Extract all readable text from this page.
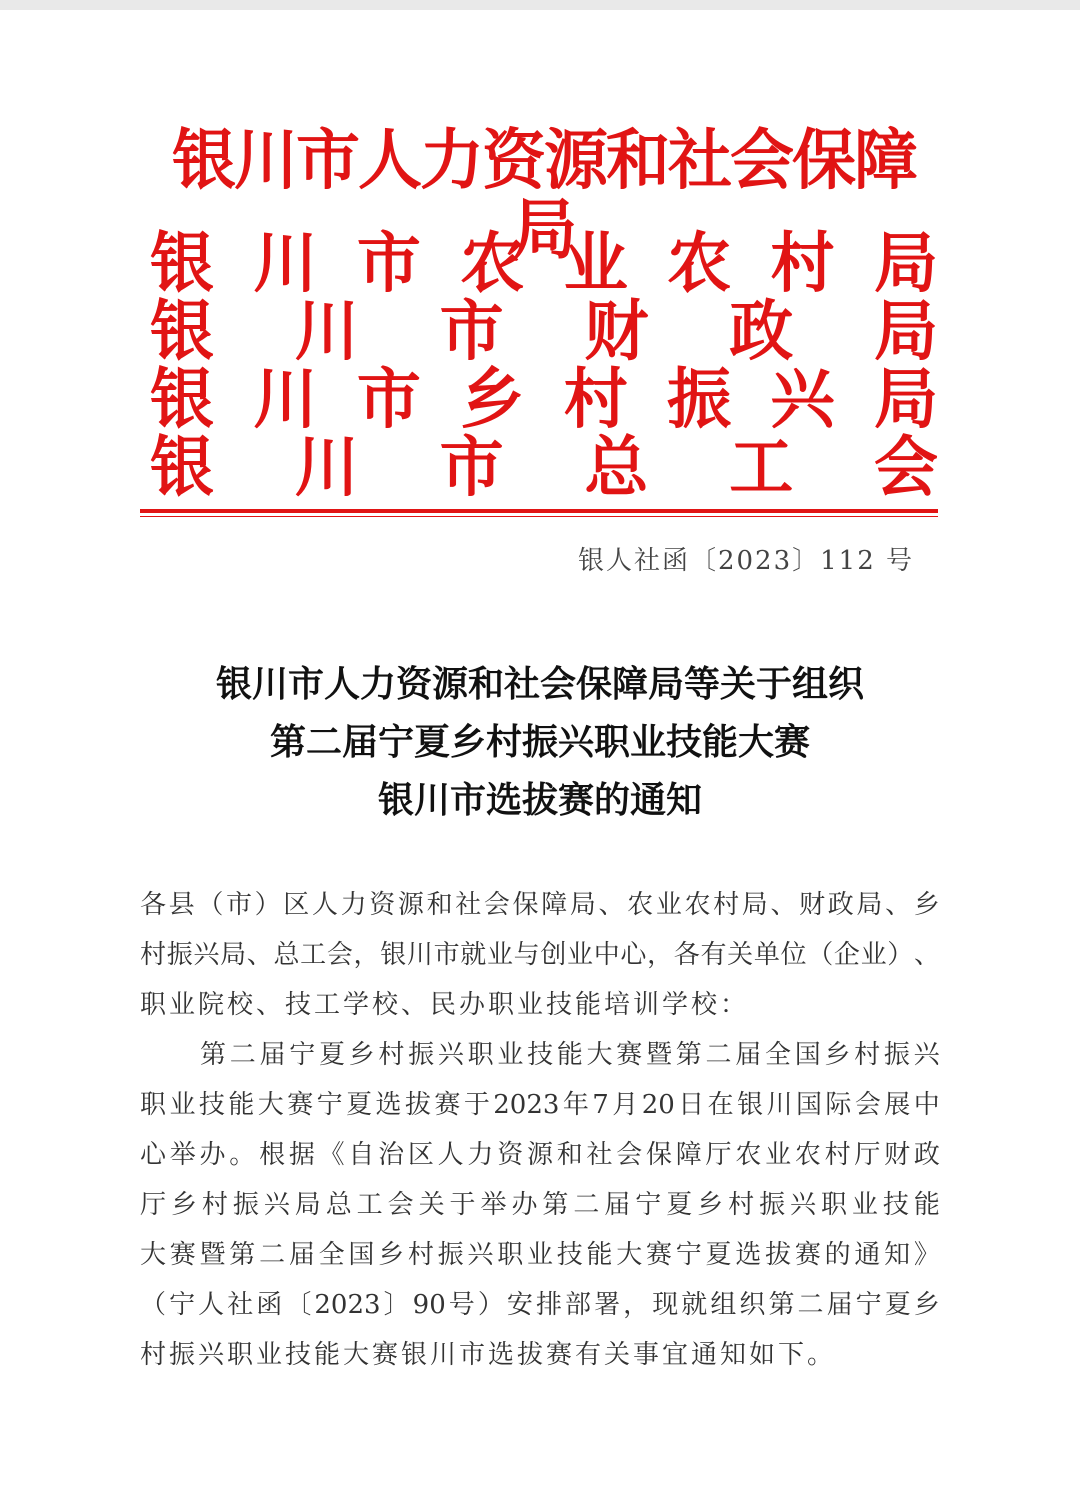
银川市人力资源和社会保障局
银 川 市 农 业 农 村 局
银 川 市 财 政 局
银 川 市 乡 村 振 兴 局
银 川 市 总 工 会
银人社函〔2023〕112 号
银川市人力资源和社会保障局等关于组织
第二届宁夏乡村振兴职业技能大赛
银川市选拔赛的通知
各 县 （ 市 ） 区 人 力 资 源 和 社 会 保 障 局 、 农 业 农 村 局 、 财 政 局 、 乡
村 振 兴 局 、 总 工 会 ， 银 川 市 就 业 与 创 业 中 心 ， 各 有 关 单 位 （ 企 业 ） 、
职业院校、技工学校、民办职业技能培训学校：
第 二 届 宁 夏 乡 村 振 兴 职 业 技 能 大 赛 暨 第 二 届 全 国 乡 村 振 兴
职 业 技 能 大 赛 宁 夏 选 拔 赛 于 2023 年 7 月 20 日 在 银 川 国 际 会 展 中
心 举 办 。 根 据 《 自 治 区 人 力 资 源 和 社 会 保 障 厅 农 业 农 村 厅 财 政
厅 乡 村 振 兴 局 总 工 会 关 于 举 办 第 二 届 宁 夏 乡 村 振 兴 职 业 技 能
大 赛 暨 第 二 届 全 国 乡 村 振 兴 职 业 技 能 大 赛 宁 夏 选 拔 赛 的 通 知 》
（ 宁 人 社 函 〔 2023 〕 90 号 ） 安 排 部 署 ， 现 就 组 织 第 二 届 宁 夏 乡
村振兴职业技能大赛银川市选拔赛有关事宜通知如下。
